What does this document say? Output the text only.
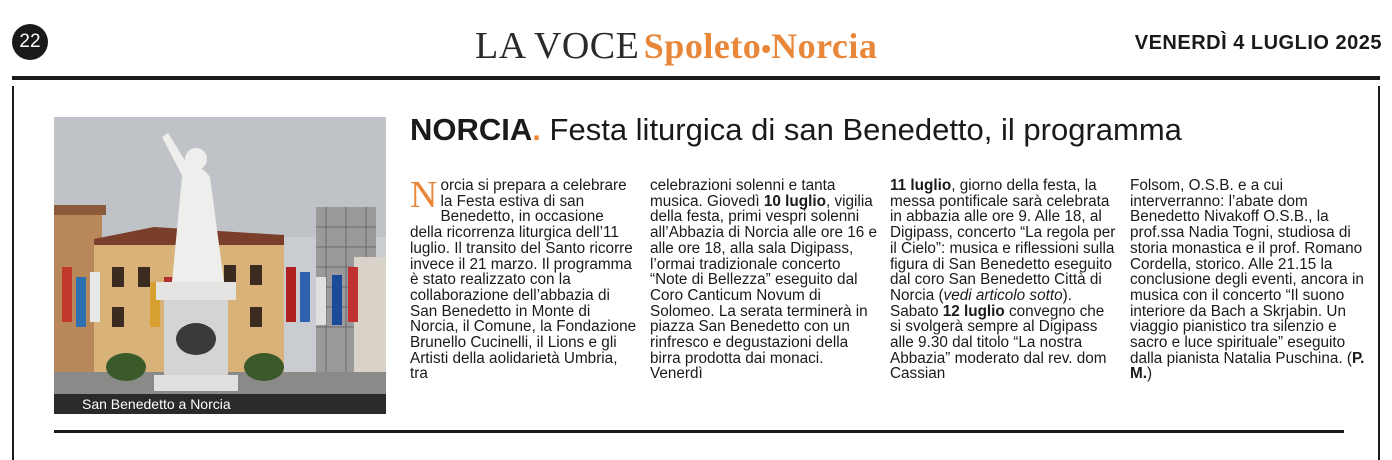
22	LA VOCE Spoleto•Norcia	VENERDÌ 4 LUGLIO 2025
San Benedetto a Norcia
NORCIA. Festa liturgica di san Benedetto, il programma

Norcia si prepara a celebrare la Festa estiva di san Benedetto, in occasione della ricorrenza liturgica dell’11 luglio. Il transito del Santo ricorre invece il 21 marzo. Il programma è stato realizzato con la collaborazione dell’abbazia di San Benedetto in Monte di Norcia, il Comune, la Fondazione Brunello Cucinelli, il Lions e gli Artisti della aolidarietà Umbria, tra

celebrazioni solenni e tanta musica. Giovedì 10 luglio, vigilia della festa, primi vespri solenni all’Abbazia di Norcia alle ore 16 e alle ore 18, alla sala Digipass, l’ormai tradizionale concerto “Note di Bellezza” eseguito dal Coro Canticum Novum di Solomeo. La serata terminerà in piazza San Benedetto con un rinfresco e degustazioni della birra prodotta dai monaci. Venerdì

11 luglio, giorno della festa, la messa pontificale sarà celebrata in abbazia alle ore 9. Alle 18, al Digipass, concerto “La regola per il Cielo”: musica e riflessioni sulla figura di San Benedetto eseguito dal coro San Benedetto Città di Norcia (vedi articolo sotto). Sabato 12 luglio convegno che si svolgerà sempre al Digipass alle 9.30 dal titolo “La nostra Abbazia” moderato dal rev. dom Cassian

Folsom, O.S.B. e a cui interverranno: l’abate dom Benedetto Nivakoff O.S.B., la prof.ssa Nadia Togni, studiosa di storia monastica e il prof. Romano Cordella, storico. Alle 21.15 la conclusione degli eventi, ancora in musica con il concerto “Il suono interiore da Bach a Skrjabin. Un viaggio pianistico tra silenzio e sacro e luce spirituale” eseguito dalla pianista Natalia Puschina. (P. M.)
